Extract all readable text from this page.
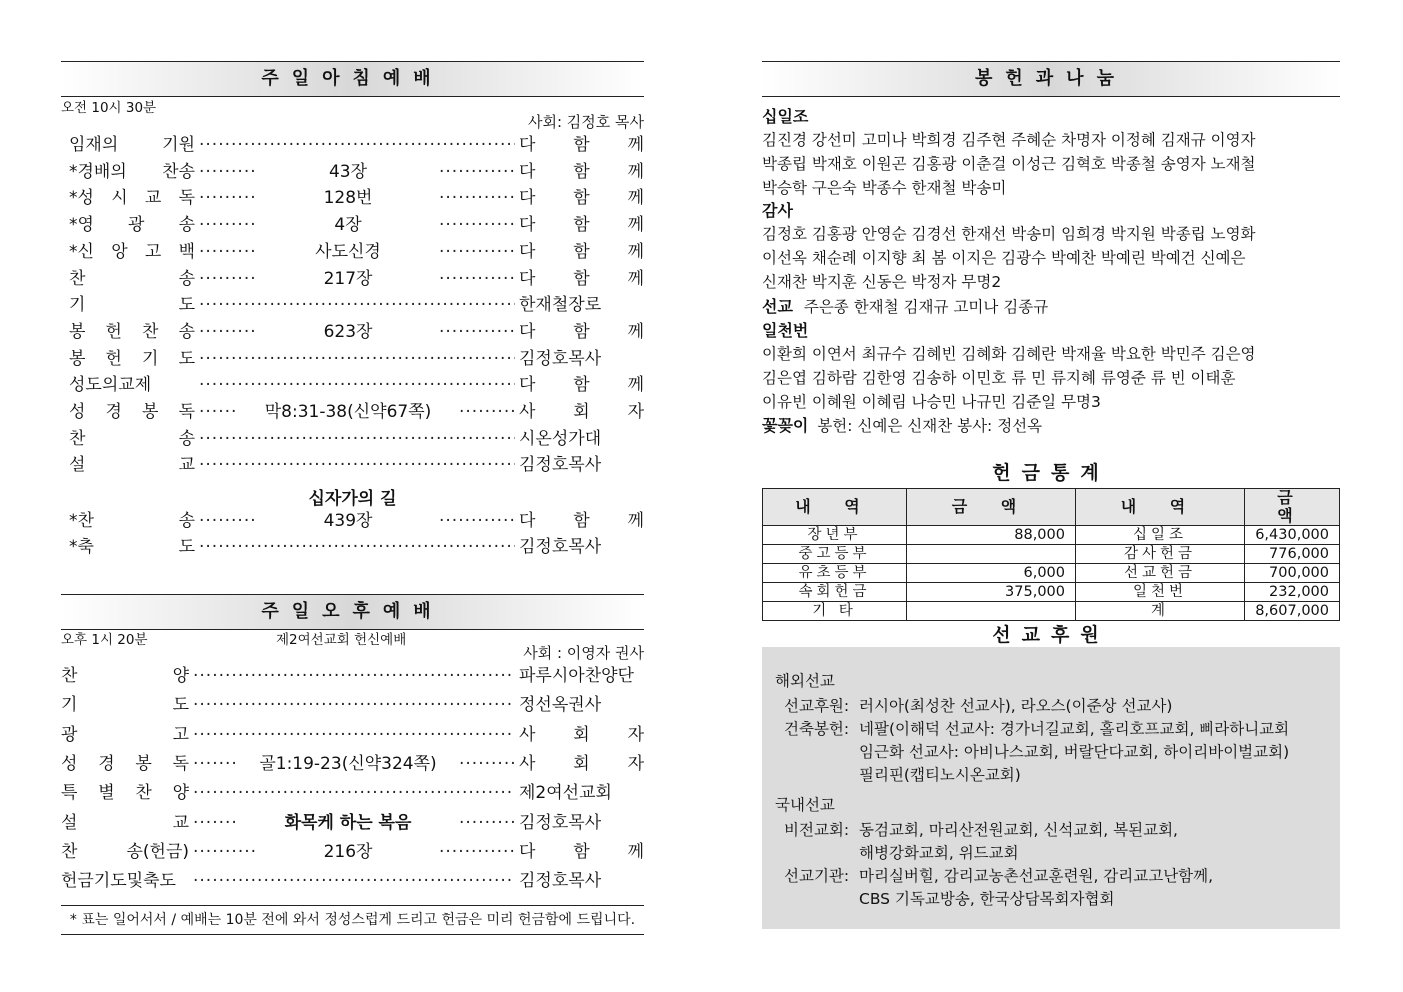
주일아침예배
오전 10시 30분
사회: 김정호 목사
임재의 기원 ·····	다 함 께
*경배의 찬송 ·····	43장 ·····	다 함 께
*성 시 교 독 ·····	128번 ·····	다 함 께
*영 광 송 ·····	4장 ·····	다 함 께
*신 앙 고 백 ·····	사도신경 ·····	다 함 께
찬 송 ·····	217장 ·····	다 함 께
기 도 ·····	한재철장로
봉 헌 찬 송 ·····	623장 ·····	다 함 께
봉 헌 기 도 ·····	김정호목사
성도의교제 ·····	다 함 께
성 경 봉 독 ·····	막8:31-38(신약67쪽) ·····	사 회 자
찬 송 ·····	시온성가대
설 교 ·····	김정호목사
십자가의 길
*찬 송 ·····	439장 ·····	다 함 께
*축 도 ·····	김정호목사
주일오후예배
오후 1시 20분	제2여선교회 헌신예배
사회 : 이영자 권사
찬 양 ·····	파루시아찬양단
기 도 ·····	정선옥권사
광 고 ·····	사 회 자
성 경 봉 독 ·····	골1:19-23(신약324쪽) ·····	사 회 자
특 별 찬 양 ·····	제2여선교회
설 교 ·····	화목케 하는 복음 ·····	김정호목사
찬 송(헌금) ·····	216장 ·····	다 함 께
헌금기도및축도 ·····	김정호목사
* 표는 일어서서 / 예배는 10분 전에 와서 정성스럽게 드리고 헌금은 미리 헌금함에 드립니다.
봉헌과나눔
십일조
김진경 강선미 고미나 박희경 김주현 주혜순 차명자 이정혜 김재규 이영자
박종립 박재호 이원곤 김홍광 이춘걸 이성근 김혁호 박종철 송영자 노재철
박승학 구은숙 박종수 한재철 박송미
감사
김정호 김홍광 안영순 김경선 한재선 박송미 임희경 박지원 박종립 노영화
이선옥 채순례 이지향 최 봄 이지은 김광수 박예찬 박예린 박예건 신예은
신재찬 박지훈 신동은 박정자 무명2
선교 주은종 한재철 김재규 고미나 김종규
일천번
이환희 이연서 최규수 김혜빈 김혜화 김혜란 박재율 박요한 박민주 김은영
김은엽 김하람 김한영 김송하 이민호 류 민 류지혜 류영준 류 빈 이태훈
이유빈 이혜원 이혜림 나승민 나규민 김준일 무명3
꽃꽂이 봉헌: 신예은 신재찬 봉사: 정선옥
헌금통계
내 역	금 액	내 역	금 액
장년부	88,000	십일조	6,430,000
중고등부		감사헌금	776,000
유초등부	6,000	선교헌금	700,000
속회헌금	375,000	일천번	232,000
기 타		계	8,607,000
선교후원
해외선교
선교후원: 러시아(최성찬 선교사), 라오스(이준상 선교사)
건축봉헌: 네팔(이해덕 선교사: 경가너길교회, 홀리호프교회, 삐라하니교회
임근화 선교사: 아비나스교회, 버랄단다교회, 하이리바이벌교회)
필리핀(캡티노시온교회)
국내선교
비전교회: 동검교회, 마리산전원교회, 신석교회, 복된교회,
해병강화교회, 위드교회
선교기관: 마리실버힐, 감리교농촌선교훈련원, 감리교고난함께,
CBS 기독교방송, 한국상담목회자협회
